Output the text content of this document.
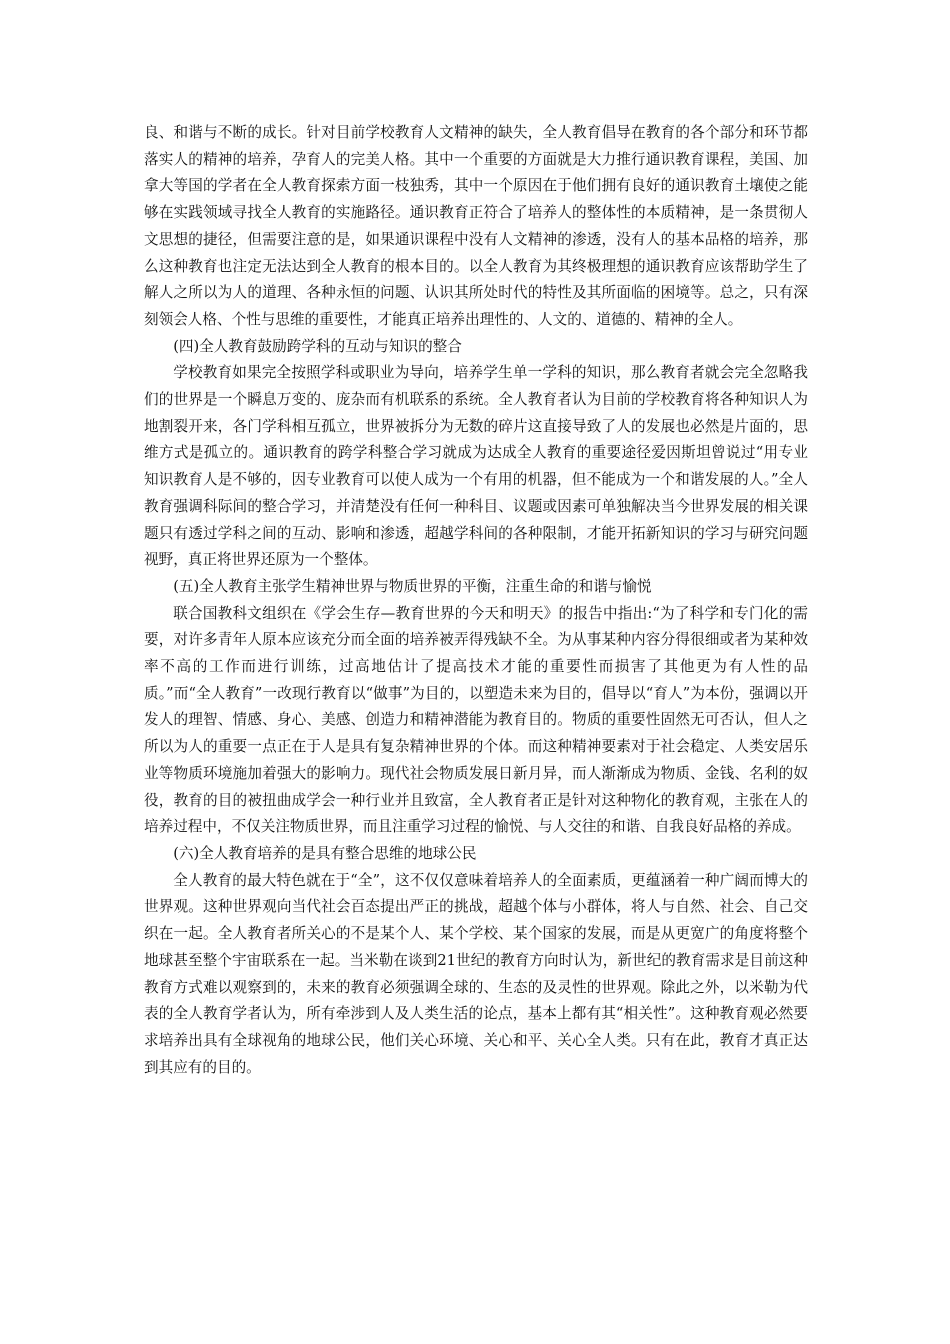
良、和谐与不断的成长。针对目前学校教育人文精神的缺失，全人教育倡导在教育的各个部分和环节都落实人的精神的培养，孕育人的完美人格。其中一个重要的方面就是大力推行通识教育课程，美国、加拿大等国的学者在全人教育探索方面一枝独秀，其中一个原因在于他们拥有良好的通识教育土壤使之能够在实践领域寻找全人教育的实施路径。通识教育正符合了培养人的整体性的本质精神，是一条贯彻人文思想的捷径，但需要注意的是，如果通识课程中没有人文精神的渗透，没有人的基本品格的培养，那么这种教育也注定无法达到全人教育的根本目的。以全人教育为其终极理想的通识教育应该帮助学生了解人之所以为人的道理、各种永恒的问题、认识其所处时代的特性及其所面临的困境等。总之，只有深刻领会人格、个性与思维的重要性，才能真正培养出理性的、人文的、道德的、精神的全人。

(四)全人教育鼓励跨学科的互动与知识的整合

学校教育如果完全按照学科或职业为导向，培养学生单一学科的知识，那么教育者就会完全忽略我们的世界是一个瞬息万变的、庞杂而有机联系的系统。全人教育者认为目前的学校教育将各种知识人为地割裂开来，各门学科相互孤立，世界被拆分为无数的碎片这直接导致了人的发展也必然是片面的，思维方式是孤立的。通识教育的跨学科整合学习就成为达成全人教育的重要途径爱因斯坦曾说过“用专业知识教育人是不够的，因专业教育可以使人成为一个有用的机器，但不能成为一个和谐发展的人。”全人教育强调科际间的整合学习，并清楚没有任何一种科目、议题或因素可单独解决当今世界发展的相关课题只有透过学科之间的互动、影响和渗透，超越学科间的各种限制，才能开拓新知识的学习与研究问题视野，真正将世界还原为一个整体。

(五)全人教育主张学生精神世界与物质世界的平衡，注重生命的和谐与愉悦

联合国教科文组织在《学会生存—教育世界的今天和明天》的报告中指出:“为了科学和专门化的需要，对许多青年人原本应该充分而全面的培养被弄得残缺不全。为从事某种内容分得很细或者为某种效率不高的工作而进行训练，过高地估计了提高技术才能的重要性而损害了其他更为有人性的品质。”而“全人教育”一改现行教育以“做事”为目的，以塑造未来为目的，倡导以“育人”为本份，强调以开发人的理智、情感、身心、美感、创造力和精神潜能为教育目的。物质的重要性固然无可否认，但人之所以为人的重要一点正在于人是具有复杂精神世界的个体。而这种精神要素对于社会稳定、人类安居乐业等物质环境施加着强大的影响力。现代社会物质发展日新月异，而人渐渐成为物质、金钱、名利的奴役，教育的目的被扭曲成学会一种行业并且致富，全人教育者正是针对这种物化的教育观，主张在人的培养过程中，不仅关注物质世界，而且注重学习过程的愉悦、与人交往的和谐、自我良好品格的养成。

(六)全人教育培养的是具有整合思维的地球公民

全人教育的最大特色就在于“全”，这不仅仅意味着培养人的全面素质，更蕴涵着一种广阔而博大的世界观。这种世界观向当代社会百态提出严正的挑战，超越个体与小群体，将人与自然、社会、自己交织在一起。全人教育者所关心的不是某个人、某个学校、某个国家的发展，而是从更宽广的角度将整个地球甚至整个宇宙联系在一起。当米勒在谈到21世纪的教育方向时认为，新世纪的教育需求是目前这种教育方式难以观察到的，未来的教育必须强调全球的、生态的及灵性的世界观。除此之外，以米勒为代表的全人教育学者认为，所有牵涉到人及人类生活的论点，基本上都有其“相关性”。这种教育观必然要求培养出具有全球视角的地球公民，他们关心环境、关心和平、关心全人类。只有在此，教育才真正达到其应有的目的。
